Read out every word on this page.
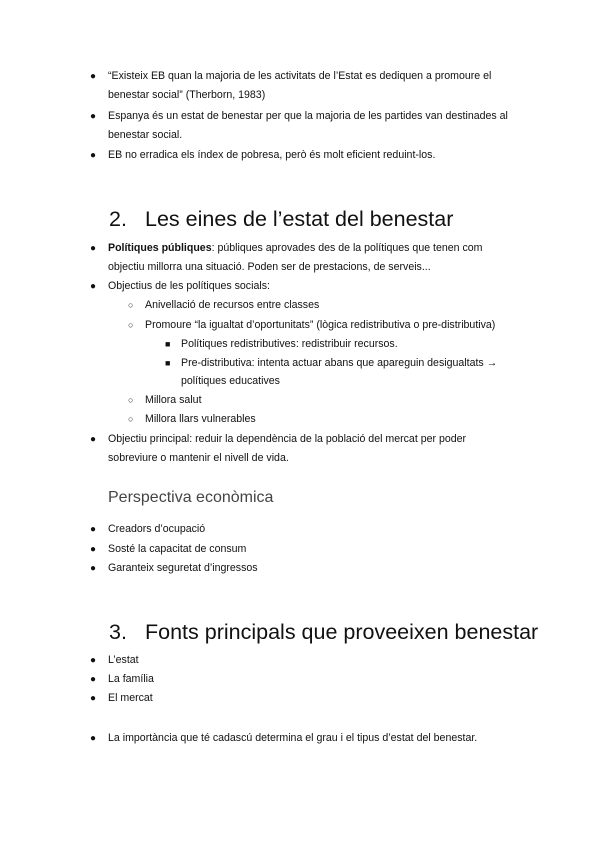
● “Existeix EB quan la majoria de les activitats de l’Estat es dediquen a promoure el
benestar social” (Therborn, 1983)
● Espanya és un estat de benestar per que la majoria de les partides van destinades al
benestar social.
● EB no erradica els índex de pobresa, però és molt eficient reduint-los.
2. Les eines de l’estat del benestar
● Polítiques públiques: públiques aprovades des de la polítiques que tenen com
objectiu millorra una situació. Poden ser de prestacions, de serveis...
● Objectius de les polítiques socials:
○ Anivellació de recursos entre classes
○ Promoure “la igualtat d’oportunitats” (lògica redistributiva o pre-distributiva)
■ Polítiques redistributives: redistribuir recursos.
■ Pre-distributiva: intenta actuar abans que apareguin desigualtats →
polítiques educatives
○ Millora salut
○ Millora llars vulnerables
● Objectiu principal: reduir la dependència de la població del mercat per poder
sobreviure o mantenir el nivell de vida.
Perspectiva econòmica
● Creadors d’ocupació
● Sosté la capacitat de consum
● Garanteix seguretat d’ingressos
3. Fonts principals que proveeixen benestar
● L’estat
● La família
● El mercat
● La importància que té cadascú determina el grau i el tipus d’estat del benestar.
